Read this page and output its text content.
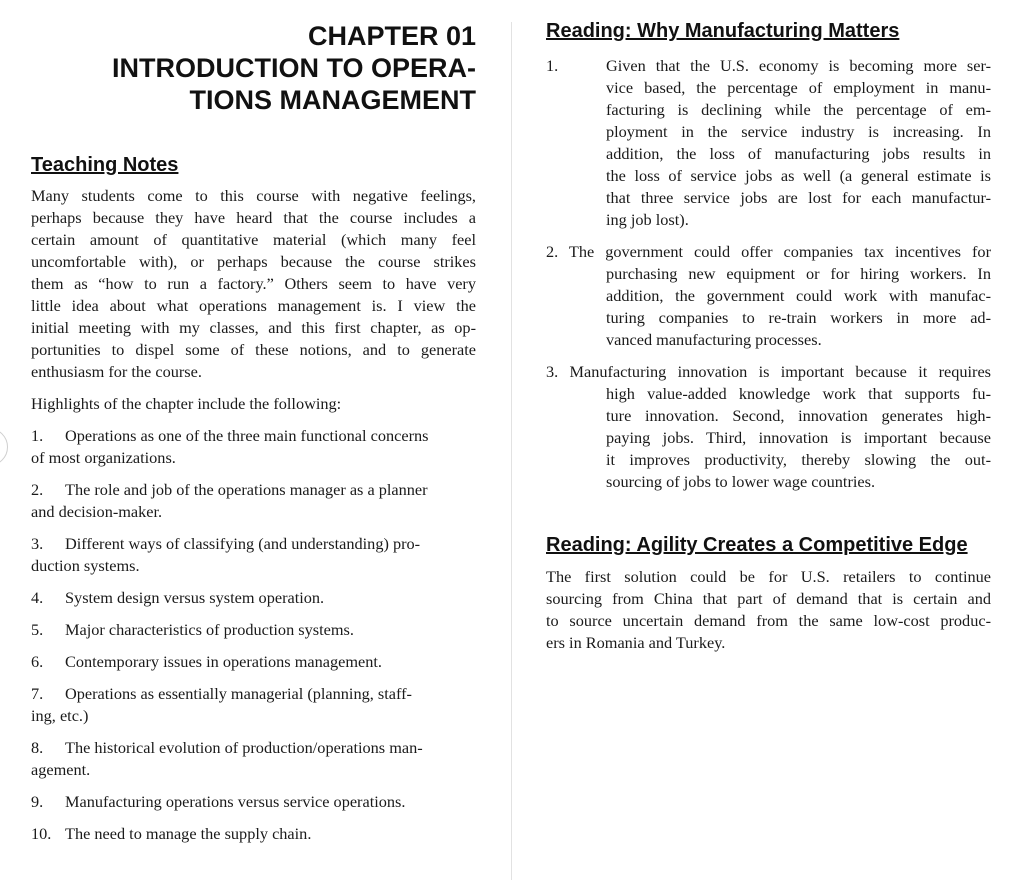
CHAPTER 01
INTRODUCTION TO OPERA-
TIONS MANAGEMENT
Teaching Notes
Many students come to this course with negative feelings,
perhaps because they have heard that the course includes a
certain amount of quantitative material (which many feel
uncomfortable with), or perhaps because the course strikes
them as “how to run a factory.” Others seem to have very
little idea about what operations management is. I view the
initial meeting with my classes, and this first chapter, as op-
portunities to dispel some of these notions, and to generate
enthusiasm for the course.
Highlights of the chapter include the following:
1. Operations as one of the three main functional concerns
of most organizations.
2. The role and job of the operations manager as a planner
and decision-maker.
3. Different ways of classifying (and understanding) pro-
duction systems.
4. System design versus system operation.
5. Major characteristics of production systems.
6. Contemporary issues in operations management.
7. Operations as essentially managerial (planning, staff-
ing, etc.)
8. The historical evolution of production/operations man-
agement.
9. Manufacturing operations versus service operations.
10. The need to manage the supply chain.
Reading: Why Manufacturing Matters
1.	Given that the U.S. economy is becoming more ser-
vice based, the percentage of employment in manu-
facturing is declining while the percentage of em-
ployment in the service industry is increasing. In
addition, the loss of manufacturing jobs results in
the loss of service jobs as well (a general estimate is
that three service jobs are lost for each manufactur-
ing job lost).
2. The government could offer companies tax incentives for
purchasing new equipment or for hiring workers. In
addition, the government could work with manufac-
turing companies to re-train workers in more ad-
vanced manufacturing processes.
3. Manufacturing innovation is important because it requires
high value-added knowledge work that supports fu-
ture innovation. Second, innovation generates high-
paying jobs. Third, innovation is important because
it improves productivity, thereby slowing the out-
sourcing of jobs to lower wage countries.
Reading: Agility Creates a Competitive Edge
The first solution could be for U.S. retailers to continue
sourcing from China that part of demand that is certain and
to source uncertain demand from the same low-cost produc-
ers in Romania and Turkey.
